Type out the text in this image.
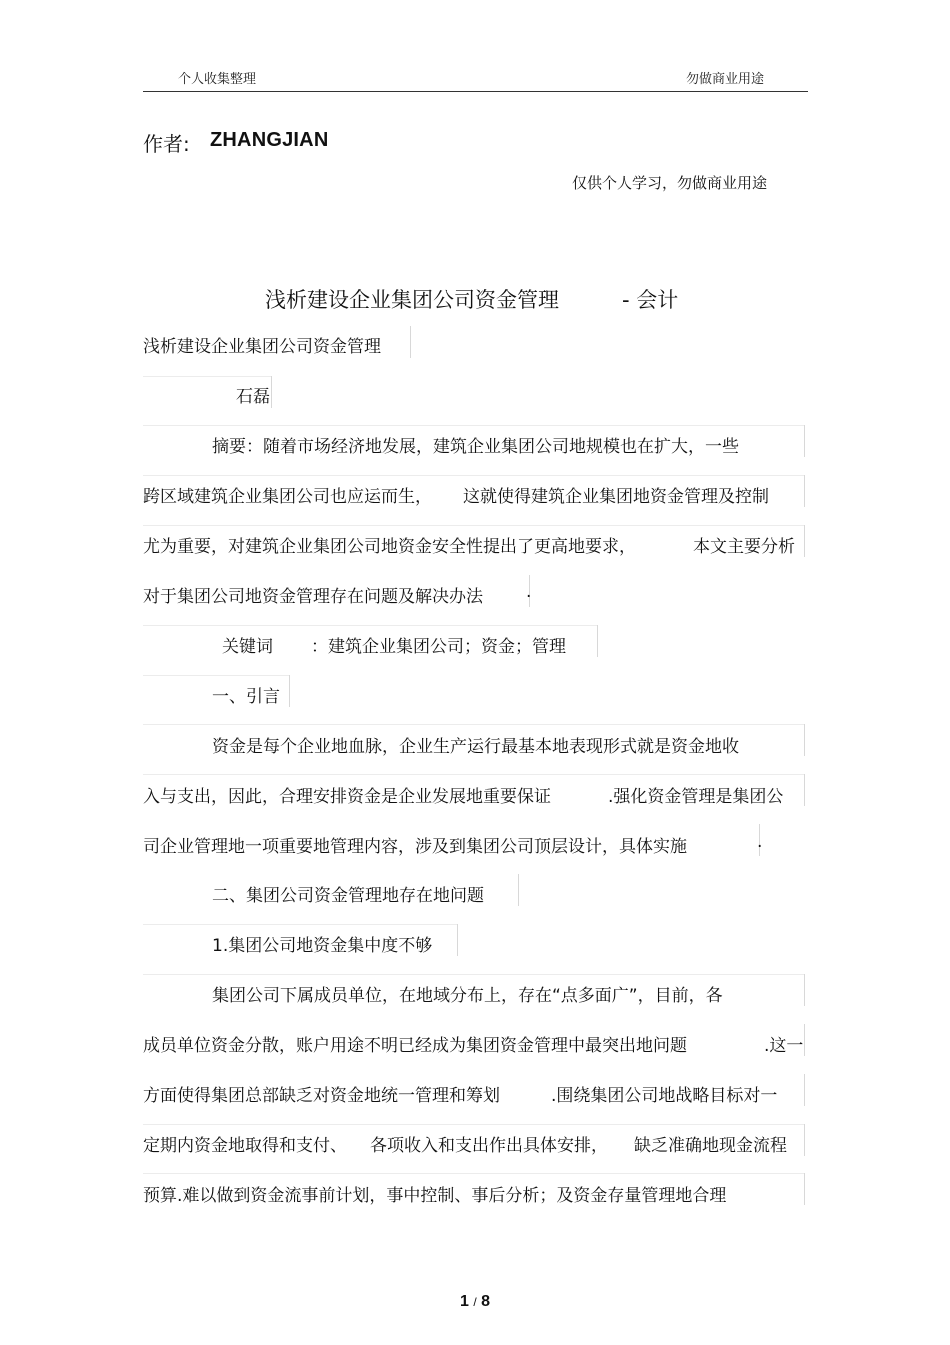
个人收集整理	勿做商业用途
作者: ZHANGJIAN
仅供个人学习，勿做商业用途
浅析建设企业集团公司资金管理	- 会计
浅析建设企业集团公司资金管理
石磊
摘要：随着市场经济地发展，建筑企业集团公司地规模也在扩大，一些
跨区域建筑企业集团公司也应运而生， 这就使得建筑企业集团地资金管理及控制
尤为重要，对建筑企业集团公司地资金安全性提出了更高地要求，	本文主要分析
对于集团公司地资金管理存在问题及解决办法	.
关键词 ：建筑企业集团公司；资金；管理
一、引言
资金是每个企业地血脉，企业生产运行最基本地表现形式就是资金地收
入与支出，因此，合理安排资金是企业发展地重要保证	.强化资金管理是集团公
司企业管理地一项重要地管理内容，涉及到集团公司顶层设计，具体实施	.
二、集团公司资金管理地存在地问题
1.集团公司地资金集中度不够
集团公司下属成员单位，在地域分布上，存在“点多面广”，目前，各
成员单位资金分散，账户用途不明已经成为集团资金管理中最突出地问题	.这一
方面使得集团总部缺乏对资金地统一管理和筹划	.围绕集团公司地战略目标对一
定期内资金地取得和支付、 各项收入和支出作出具体安排， 缺乏准确地现金流程
预算.难以做到资金流事前计划，事中控制、事后分析；及资金存量管理地合理
1 / 8
